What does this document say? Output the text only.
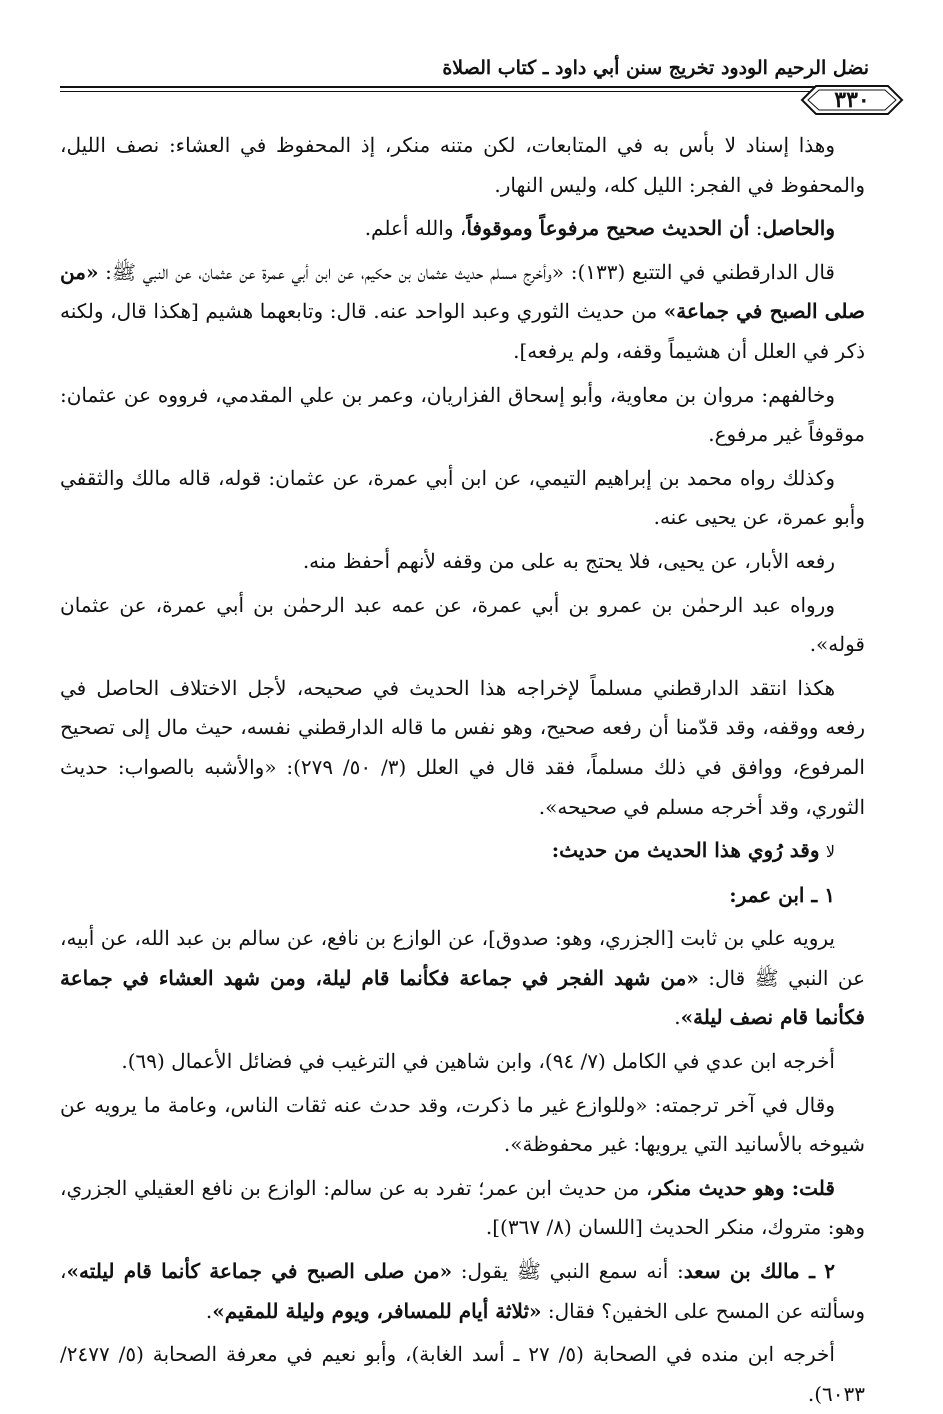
نضل الرحيم الودود تخريج سنن أبي داود ـ كتاب الصلاة
٣٣٠

وهذا إسناد لا بأس به في المتابعات، لكن متنه منكر، إذ المحفوظ في العشاء: نصف الليل، والمحفوظ في الفجر: الليل كله، وليس النهار.

والحاصل: أن الحديث صحيح مرفوعاً وموقوفاً، والله أعلم.

قال الدارقطني في التتبع (١٣٣): «وأخرج مسلم حديث عثمان بن حكيم، عن ابن أبي عمرة عن عثمان، عن النبي ﷺ: «من صلى الصبح في جماعة» من حديث الثوري وعبد الواحد عنه. قال: وتابعهما هشيم [هكذا قال، ولكنه ذكر في العلل أن هشيماً وقفه، ولم يرفعه].

وخالفهم: مروان بن معاوية، وأبو إسحاق الفزاريان، وعمر بن علي المقدمي، فرووه عن عثمان: موقوفاً غير مرفوع.

وكذلك رواه محمد بن إبراهيم التيمي، عن ابن أبي عمرة، عن عثمان: قوله، قاله مالك والثقفي وأبو عمرة، عن يحيى عنه.

رفعه الأبار، عن يحيى، فلا يحتج به على من وقفه لأنهم أحفظ منه.

ورواه عبد الرحمٰن بن عمرو بن أبي عمرة، عن عمه عبد الرحمٰن بن أبي عمرة، عن عثمان قوله».

هكذا انتقد الدارقطني مسلماً لإخراجه هذا الحديث في صحيحه، لأجل الاختلاف الحاصل في رفعه ووقفه، وقد قدّمنا أن رفعه صحيح، وهو نفس ما قاله الدارقطني نفسه، حيث مال إلى تصحيح المرفوع، ووافق في ذلك مسلماً، فقد قال في العلل (٣/ ٥٠/ ٢٧٩): «والأشبه بالصواب: حديث الثوري، وقد أخرجه مسلم في صحيحه».

ﻻ وقد رُوي هذا الحديث من حديث:

١ ـ ابن عمر:

يرويه علي بن ثابت [الجزري، وهو: صدوق]، عن الوازع بن نافع، عن سالم بن عبد الله، عن أبيه، عن النبي ﷺ قال: «من شهد الفجر في جماعة فكأنما قام ليلة، ومن شهد العشاء في جماعة فكأنما قام نصف ليلة».

أخرجه ابن عدي في الكامل (٧/ ٩٤)، وابن شاهين في الترغيب في فضائل الأعمال (٦٩).

وقال في آخر ترجمته: «وللوازع غير ما ذكرت، وقد حدث عنه ثقات الناس، وعامة ما يرويه عن شيوخه بالأسانيد التي يرويها: غير محفوظة».

قلت: وهو حديث منكر، من حديث ابن عمر؛ تفرد به عن سالم: الوازع بن نافع العقيلي الجزري، وهو: متروك، منكر الحديث [اللسان (٨/ ٣٦٧)].

٢ ـ مالك بن سعد: أنه سمع النبي ﷺ يقول: «من صلى الصبح في جماعة كأنما قام ليلته»، وسألته عن المسح على الخفين؟ فقال: «ثلاثة أيام للمسافر، ويوم وليلة للمقيم».

أخرجه ابن منده في الصحابة (٥/ ٢٧ ـ أسد الغابة)، وأبو نعيم في معرفة الصحابة (٥/ ٢٤٧٧/ ٦٠٣٣).
